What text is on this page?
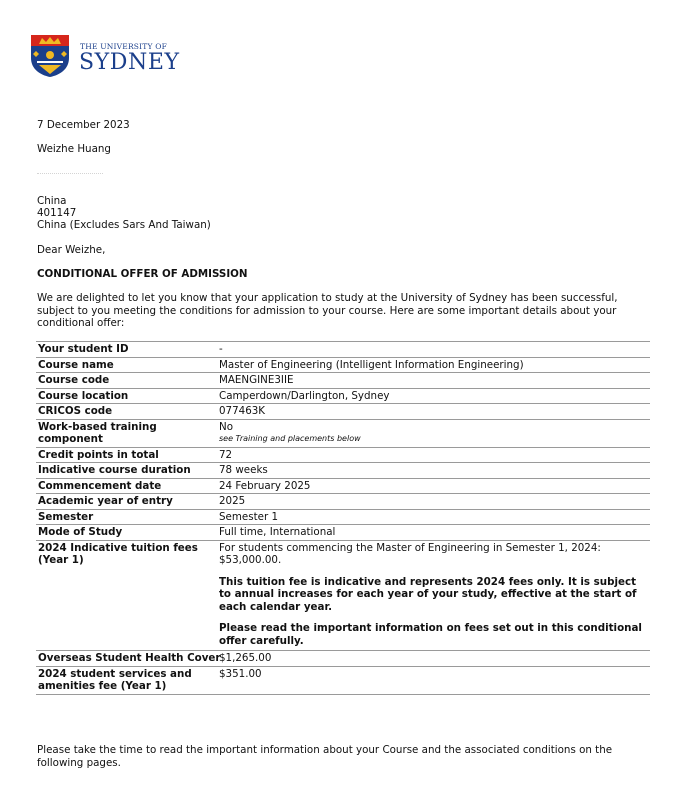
THE UNIVERSITY OF
SYDNEY
7 December 2023
Weizhe Huang
China
401147
China (Excludes Sars And Taiwan)
Dear Weizhe,
CONDITIONAL OFFER OF ADMISSION
We are delighted to let you know that your application to study at the University of Sydney has been successful, subject to you meeting the conditions for admission to your course. Here are some important details about your conditional offer:
Your student ID	-
Course name	Master of Engineering (Intelligent Information Engineering)
Course code	MAENGINE3IIE
Course location	Camperdown/Darlington, Sydney
CRICOS code	077463K
Work-based training component	No
see Training and placements below

Credit points in total	72
Indicative course duration	78 weeks
Commencement date	24 February 2025
Academic year of entry	2025
Semester	Semester 1
Mode of Study	Full time, International
2024 Indicative tuition fees (Year 1)	For students commencing the Master of Engineering in Semester 1, 2024: $53,000.00.
This tuition fee is indicative and represents 2024 fees only. It is subject to annual increases for each year of your study, effective at the start of each calendar year.
Please read the important information on fees set out in this conditional offer carefully.

Overseas Student Health Cover	$1,265.00
2024 student services and amenities fee (Year 1)	$351.00
Please take the time to read the important information about your Course and the associated conditions on the following pages.
